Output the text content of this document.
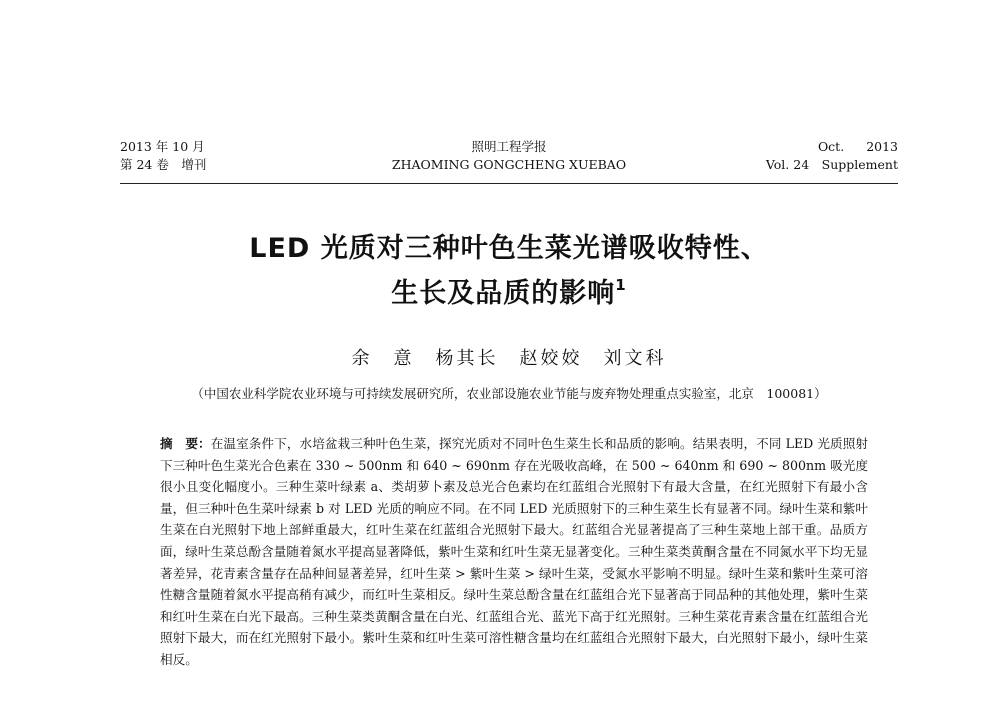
2013 年 10 月
第 24 卷　增刊
照明工程学报
ZHAOMING GONGCHENG XUEBAO
Oct. 2013
Vol. 24　Supplement
LED 光质对三种叶色生菜光谱吸收特性、
生长及品质的影响$^1$
余　意　杨其长　赵姣姣　刘文科
（中国农业科学院农业环境与可持续发展研究所，农业部设施农业节能与废弃物处理重点实验室，北京　100081）
摘　要：在温室条件下，水培盆栽三种叶色生菜，探究光质对不同叶色生菜生长和品质的影响。结果表明，不同 LED 光质照射下三种叶色生菜光合色素在 330 ~ 500nm 和 640 ~ 690nm 存在光吸收高峰，在 500 ~ 640nm 和 690 ~ 800nm 吸光度很小且变化幅度小。三种生菜叶绿素 a、类胡萝卜素及总光合色素均在红蓝组合光照射下有最大含量，在红光照射下有最小含量，但三种叶色生菜叶绿素 b 对 LED 光质的响应不同。在不同 LED 光质照射下的三种生菜生长有显著不同。绿叶生菜和紫叶生菜在白光照射下地上部鲜重最大，红叶生菜在红蓝组合光照射下最大。红蓝组合光显著提高了三种生菜地上部干重。品质方面，绿叶生菜总酚含量随着氮水平提高显著降低，紫叶生菜和红叶生菜无显著变化。三种生菜类黄酮含量在不同氮水平下均无显著差异，花青素含量存在品种间显著差异，红叶生菜 > 紫叶生菜 > 绿叶生菜，受氮水平影响不明显。绿叶生菜和紫叶生菜可溶性糖含量随着氮水平提高稍有减少，而红叶生菜相反。绿叶生菜总酚含量在红蓝组合光下显著高于同品种的其他处理，紫叶生菜和红叶生菜在白光下最高。三种生菜类黄酮含量在白光、红蓝组合光、蓝光下高于红光照射。三种生菜花青素含量在红蓝组合光照射下最大，而在红光照射下最小。紫叶生菜和红叶生菜可溶性糖含量均在红蓝组合光照射下最大，白光照射下最小，绿叶生菜相反。
